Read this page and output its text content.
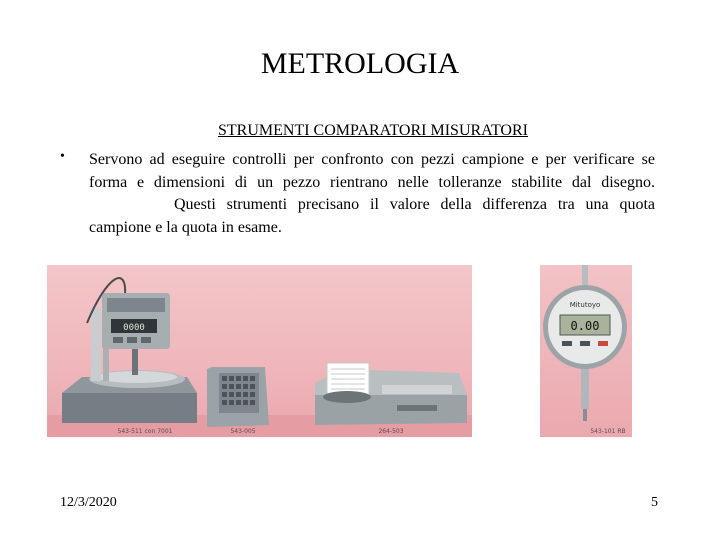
METROLOGIA
STRUMENTI COMPARATORI MISURATORI
• Servono ad eseguire controlli per confronto con pezzi campione e per verificare se forma e dimensioni di un pezzo rientrano nelle tolleranze stabilite dal disegno.Questi strumenti precisano il valore della differenza tra una quota campione e la quota in esame.
0000
543-511 con 7001	543-005	264-503
Mitutoyo
0.00
543-101 RB
12/3/2020	5
